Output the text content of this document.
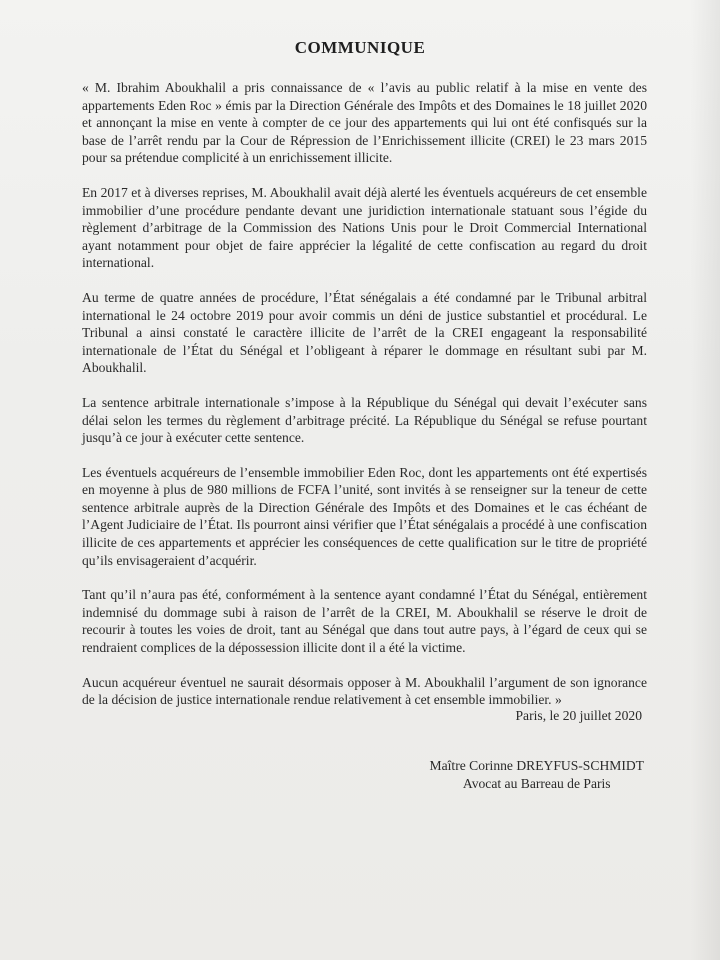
COMMUNIQUE

« M. Ibrahim Aboukhalil a pris connaissance de « l’avis au public relatif à la mise en vente des appartements Eden Roc » émis par la Direction Générale des Impôts et des Domaines le 18 juillet 2020 et annonçant la mise en vente à compter de ce jour des appartements qui lui ont été confisqués sur la base de l’arrêt rendu par la Cour de Répression de l’Enrichissement illicite (CREI) le 23 mars 2015 pour sa prétendue complicité à un enrichissement illicite.

En 2017 et à diverses reprises, M. Aboukhalil avait déjà alerté les éventuels acquéreurs de cet ensemble immobilier d’une procédure pendante devant une juridiction internationale statuant sous l’égide du règlement d’arbitrage de la Commission des Nations Unis pour le Droit Commercial International ayant notamment pour objet de faire apprécier la légalité de cette confiscation au regard du droit international.

Au terme de quatre années de procédure, l’État sénégalais a été condamné par le Tribunal arbitral international le 24 octobre 2019 pour avoir commis un déni de justice substantiel et procédural. Le Tribunal a ainsi constaté le caractère illicite de l’arrêt de la CREI engageant la responsabilité internationale de l’État du Sénégal et l’obligeant à réparer le dommage en résultant subi par M. Aboukhalil.

La sentence arbitrale internationale s’impose à la République du Sénégal qui devait l’exécuter sans délai selon les termes du règlement d’arbitrage précité. La République du Sénégal se refuse pourtant jusqu’à ce jour à exécuter cette sentence.

Les éventuels acquéreurs de l’ensemble immobilier Eden Roc, dont les appartements ont été expertisés en moyenne à plus de 980 millions de FCFA l’unité, sont invités à se renseigner sur la teneur de cette sentence arbitrale auprès de la Direction Générale des Impôts et des Domaines et le cas échéant de l’Agent Judiciaire de l’État. Ils pourront ainsi vérifier que l’État sénégalais a procédé à une confiscation illicite de ces appartements et apprécier les conséquences de cette qualification sur le titre de propriété qu’ils envisageraient d’acquérir.

Tant qu’il n’aura pas été, conformément à la sentence ayant condamné l’État du Sénégal, entièrement indemnisé du dommage subi à raison de l’arrêt de la CREI, M. Aboukhalil se réserve le droit de recourir à toutes les voies de droit, tant au Sénégal que dans tout autre pays, à l’égard de ceux qui se rendraient complices de la dépossession illicite dont il a été la victime.

Aucun acquéreur éventuel ne saurait désormais opposer à M. Aboukhalil l’argument de son ignorance de la décision de justice internationale rendue relativement à cet ensemble immobilier. »

Paris, le 20 juillet 2020
Maître Corinne DREYFUS-SCHMIDT
Avocat au Barreau de Paris
